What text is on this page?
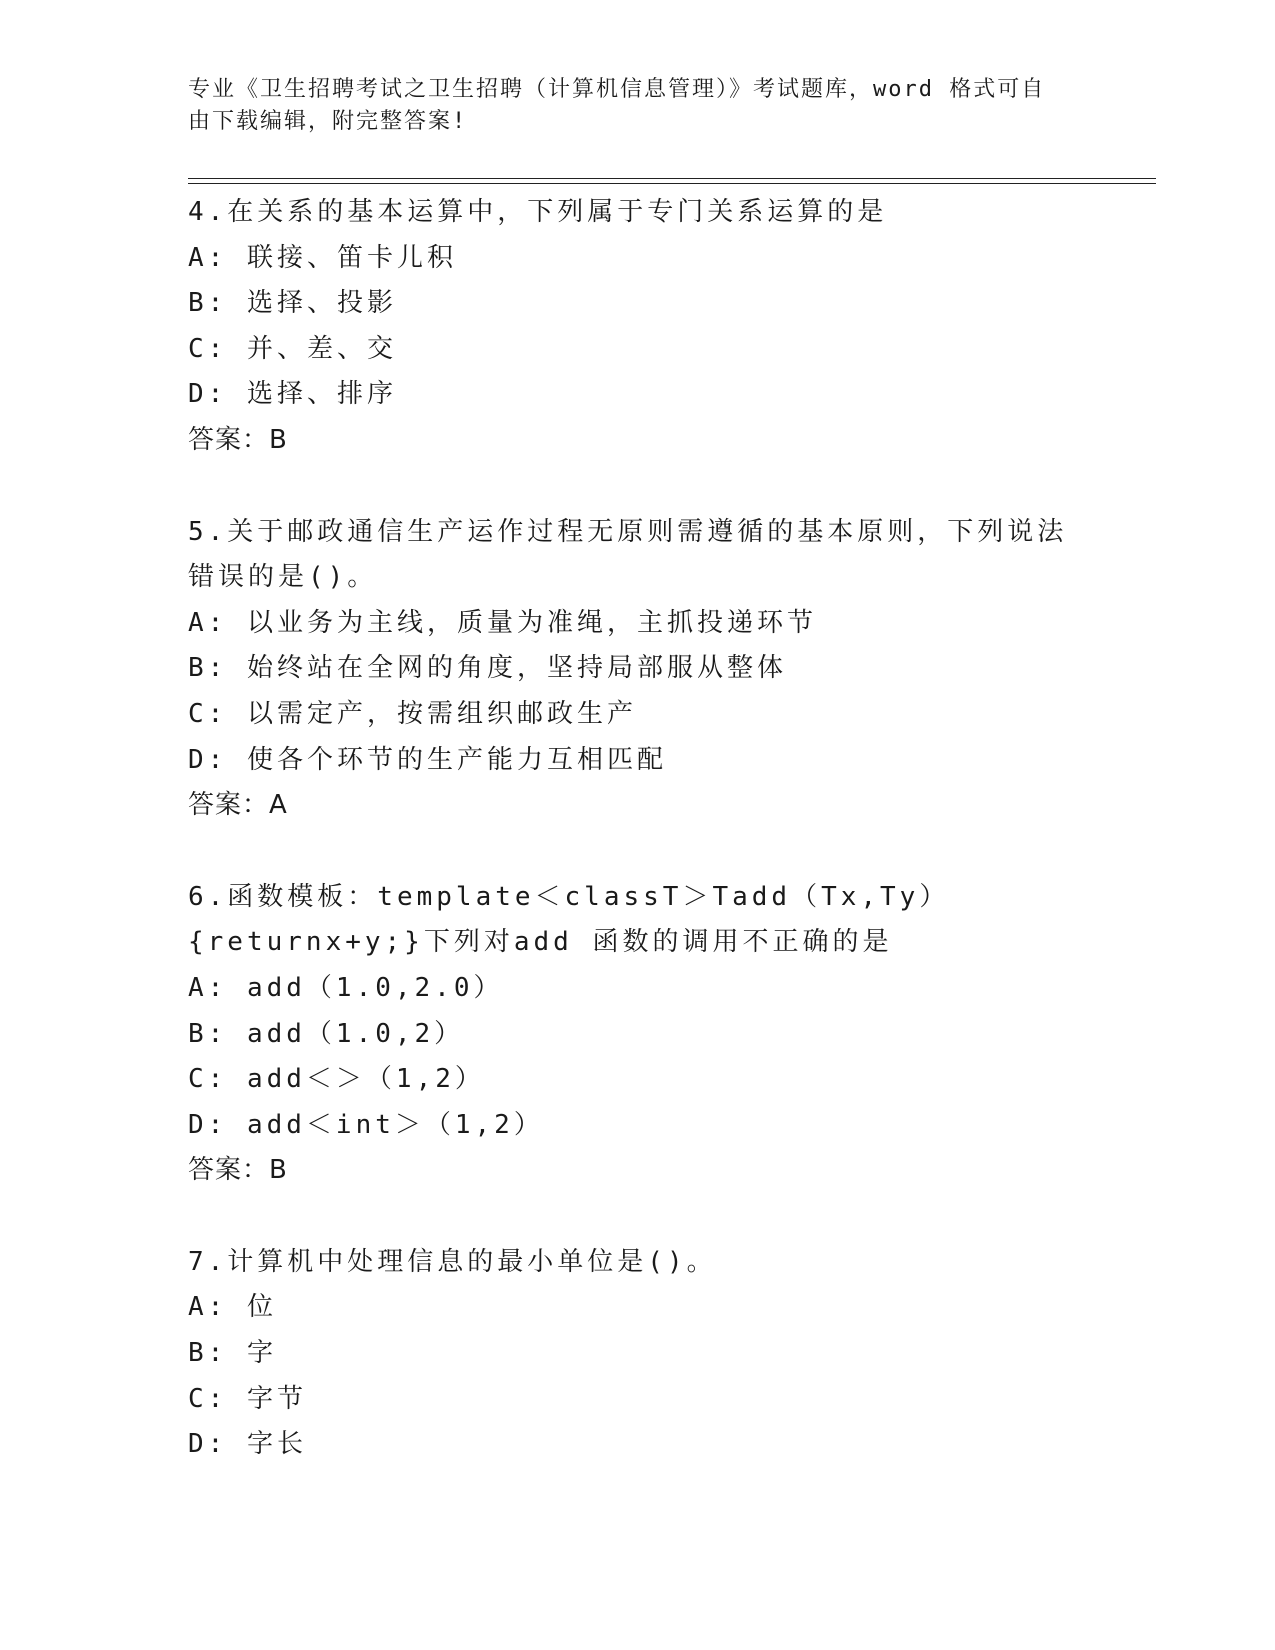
专业《卫生招聘考试之卫生招聘（计算机信息管理）》考试题库，word 格式可自
由下载编辑，附完整答案!

4.在关系的基本运算中，下列属于专门关系运算的是

A: 联接、笛卡儿积

B: 选择、投影

C: 并、差、交

D: 选择、排序

答案：B

5.关于邮政通信生产运作过程无原则需遵循的基本原则，下列说法错误的是()。

A: 以业务为主线，质量为准绳，主抓投递环节

B: 始终站在全网的角度，坚持局部服从整体

C: 以需定产，按需组织邮政生产

D: 使各个环节的生产能力互相匹配

答案：A

6.函数模板：template＜classT＞Tadd（Tx,Ty）{returnx+y;}下列对add 函数的调用不正确的是

A: add（1.0,2.0）

B: add（1.0,2）

C: add＜＞（1,2）

D: add＜int＞（1,2）

答案：B

7.计算机中处理信息的最小单位是()。

A: 位

B: 字

C: 字节

D: 字长
